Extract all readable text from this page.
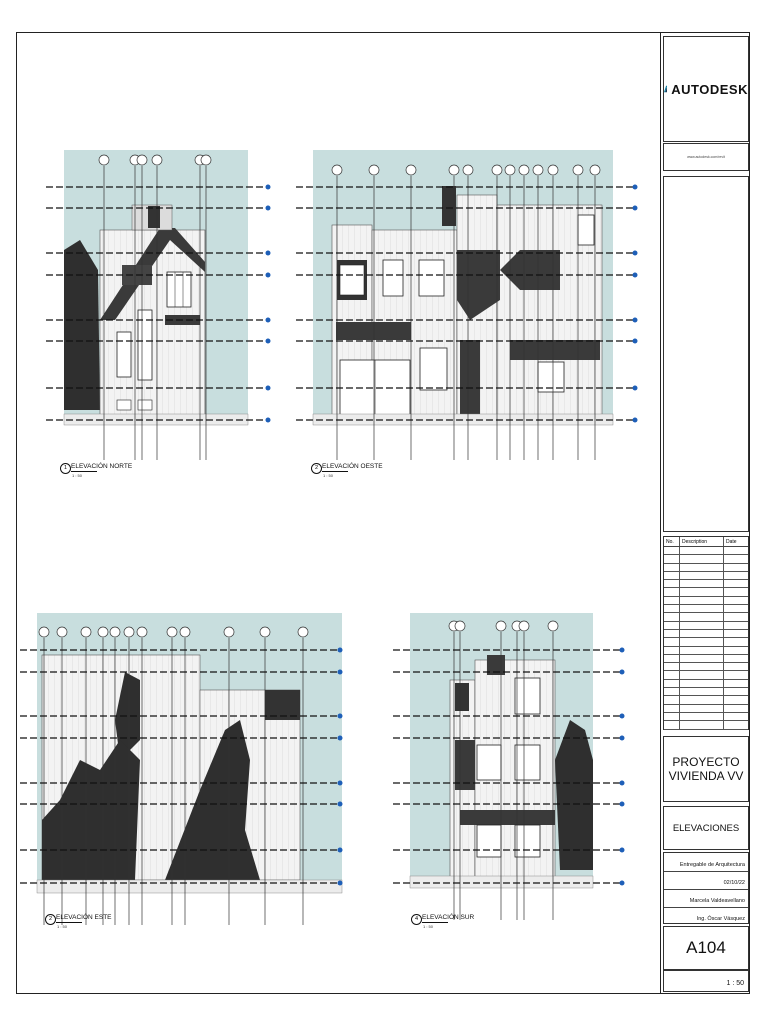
AUTODESK
www.autodesk.com/revit
No.	Description	Date

PROYECTO
VIVIENDA VV
ELEVACIONES
Entregable de Arquitectura
02/10/22
Marcela Valdeavellano
Ing. Óscar Vásquez
A104
1 : 50
1 ELEVACIÓN NORTE
1 : 50
2 ELEVACIÓN OESTE
1 : 50
2 ELEVACIÓN ESTE
1 : 50
4 ELEVACIÓN SUR
1 : 50
